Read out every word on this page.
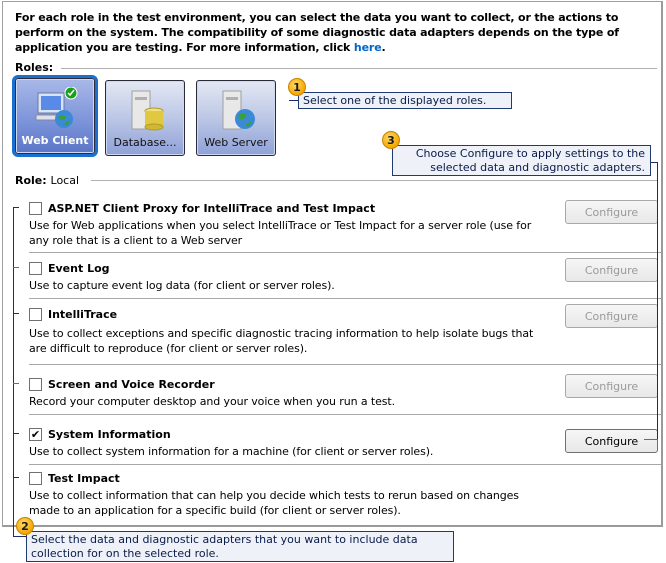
For each role in the test environment, you can select the data you want to collect, or the actions to perform on the system. The compatibility of some diagnostic data adapters depends on the type of application you are testing. For more information, click here.
Roles:
Web Client	Database...	Web Server
Role: Local
ASP.NET Client Proxy for IntelliTrace and Test Impact
Use for Web applications when you select IntelliTrace or Test Impact for a server role (use for any role that is a client to a Web server
Configure
Event Log
Use to capture event log data (for client or server roles).
Configure
IntelliTrace
Use to collect exceptions and specific diagnostic tracing information to help isolate bugs that are difficult to reproduce (for client or server roles).
Configure
Screen and Voice Recorder
Record your computer desktop and your voice when you run a test.
Configure
✔ System Information
Use to collect system information for a machine (for client or server roles).
Configure
Test Impact
Use to collect information that can help you decide which tests to rerun based on changes made to an application for a specific build (for client or server roles).
Select one of the displayed roles.
1
Choose Configure to apply settings to the selected data and diagnostic adapters.
3
Select the data and diagnostic adapters that you want to include data collection for on the selected role.
2
